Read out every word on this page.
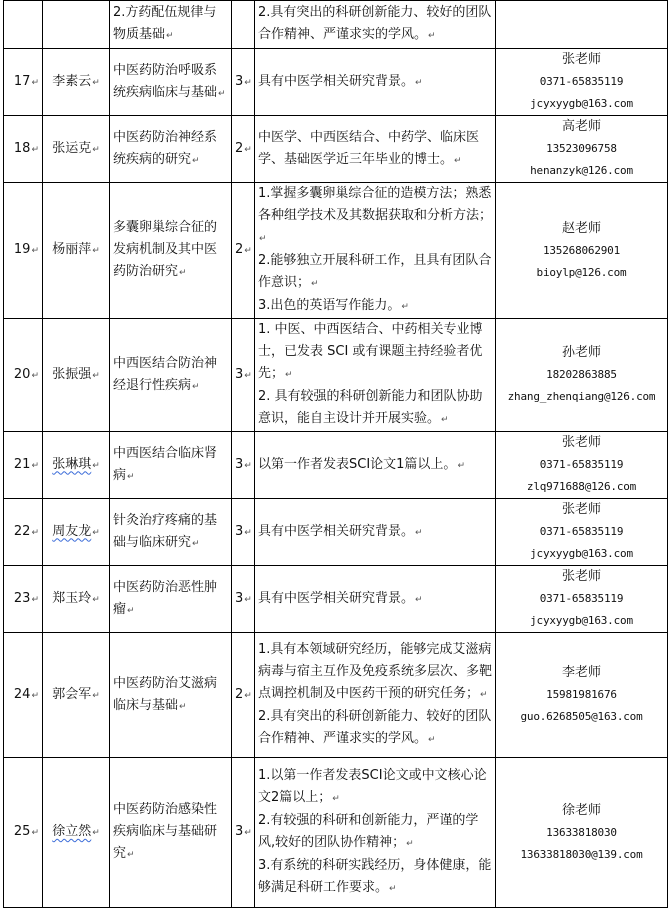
		2.方药配伍规律与物质基础↵		2.具有突出的科研创新能力、较好的团队合作精神、严谨求实的学风。↵	
17↵	李素云↵	中医药防治呼吸系统疾病临床与基础↵	3↵	具有中医学相关研究背景。↵	张老师
0371-65835119
jcyxyygb@163.com

18↵	张运克↵	中医药防治神经系统疾病的研究↵	2↵	中医学、中西医结合、中药学、临床医学、基础医学近三年毕业的博士。↵	高老师
13523096758
henanzyk@126.com

19↵	杨丽萍↵	多囊卵巢综合征的发病机制及其中医药防治研究↵	2↵	1.掌握多囊卵巢综合征的造模方法；熟悉各种组学技术及其数据获取和分析方法；↵
2.能够独立开展科研工作，且具有团队合作意识；↵
3.出色的英语写作能力。↵	赵老师
135268062901
bioylp@126.com

20↵	张振强↵	中西医结合防治神经退行性疾病↵	3↵	1. 中医、中西医结合、中药相关专业博士，已发表 SCI 或有课题主持经验者优先；↵
2. 具有较强的科研创新能力和团队协助意识，能自主设计并开展实验。↵	孙老师
18202863885
zhang_zhenqiang@126.com

21↵	张琳琪↵	中西医结合临床肾病↵	3↵	以第一作者发表SCI论文1篇以上。↵	张老师
0371-65835119
zlq971688@126.com

22↵	周友龙↵	针灸治疗疼痛的基础与临床研究↵	3↵	具有中医学相关研究背景。↵	张老师
0371-65835119
jcyxyygb@163.com

23↵	郑玉玲↵	中医药防治恶性肿瘤↵	3↵	具有中医学相关研究背景。↵	张老师
0371-65835119
jcyxyygb@163.com

24↵	郭会军↵	中医药防治艾滋病临床与基础↵	2↵	1.具有本领域研究经历，能够完成艾滋病病毒与宿主互作及免疫系统多层次、多靶点调控机制及中医药干预的研究任务；↵
2.具有突出的科研创新能力、较好的团队合作精神、严谨求实的学风。↵	李老师
15981981676
guo.6268505@163.com

25↵	徐立然↵	中医药防治感染性疾病临床与基础研究↵	3↵	1.以第一作者发表SCI论文或中文核心论文2篇以上；↵
2.有较强的科研和创新能力，严谨的学风,较好的团队协作精神；↵
3.有系统的科研实践经历，身体健康，能够满足科研工作要求。↵	徐老师
13633818030
13633818030@139.com
